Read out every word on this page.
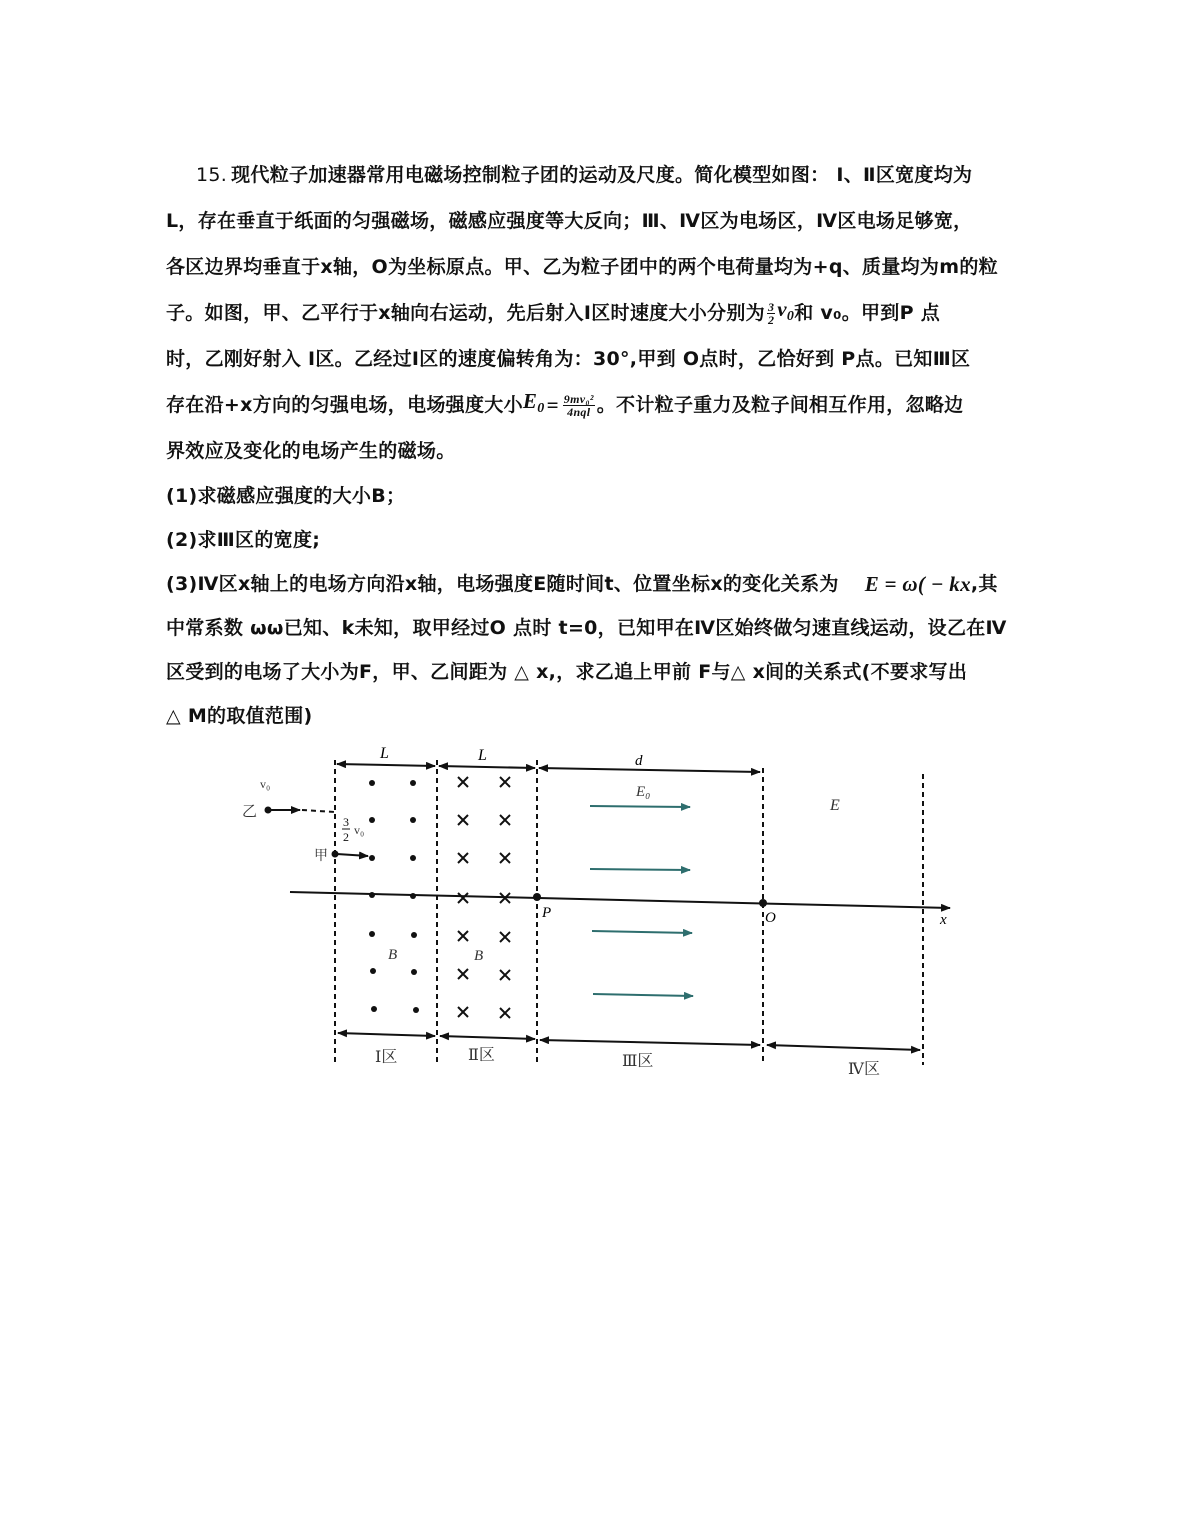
15. 现代粒子加速器常用电磁场控制粒子团的运动及尺度。简化模型如图： Ⅰ、Ⅱ区宽度均为
L，存在垂直于纸面的匀强磁场，磁感应强度等大反向；Ⅲ、Ⅳ区为电场区，Ⅳ区电场足够宽，
各区边界均垂直于x轴，O为坐标原点。甲、乙为粒子团中的两个电荷量均为+q、质量均为m的粒
子。如图，甲、乙平行于x轴向右运动，先后射入Ⅰ区时速度大小分别为 $\frac{3}{2} v0$ 和 v₀。甲到P 点
时，乙刚好射入 Ⅰ区。乙经过Ⅰ区的速度偏转角为：30°,甲到 O点时，乙恰好到 P点。已知Ⅲ区
存在沿+x方向的匀强电场，电场强度大小 $E0 = \frac{\text{9mv₀²}}{\text{4nql}}$ 。不计粒子重力及粒子间相互作用，忽略边
界效应及变化的电场产生的磁场。
(1)求磁感应强度的大小B；
(2)求Ⅲ区的宽度;
(3)Ⅳ区x轴上的电场方向沿x轴，电场强度E随时间t、位置坐标x的变化关系为 E = ω( − kx ,其
中常系数 ωω已知、k未知，取甲经过O 点时 t=0，已知甲在Ⅳ区始终做匀速直线运动，设乙在Ⅳ
区受到的电场了大小为F，甲、乙间距为 △ x,，求乙追上甲前 F与△ x间的关系式(不要求写出
△ M的取值范围)
L	L	d
Ⅰ区	Ⅱ区	Ⅲ区	Ⅳ区
B	B
E₀
E
P	O	x
v₀
甲
3
2 v₀
乙
